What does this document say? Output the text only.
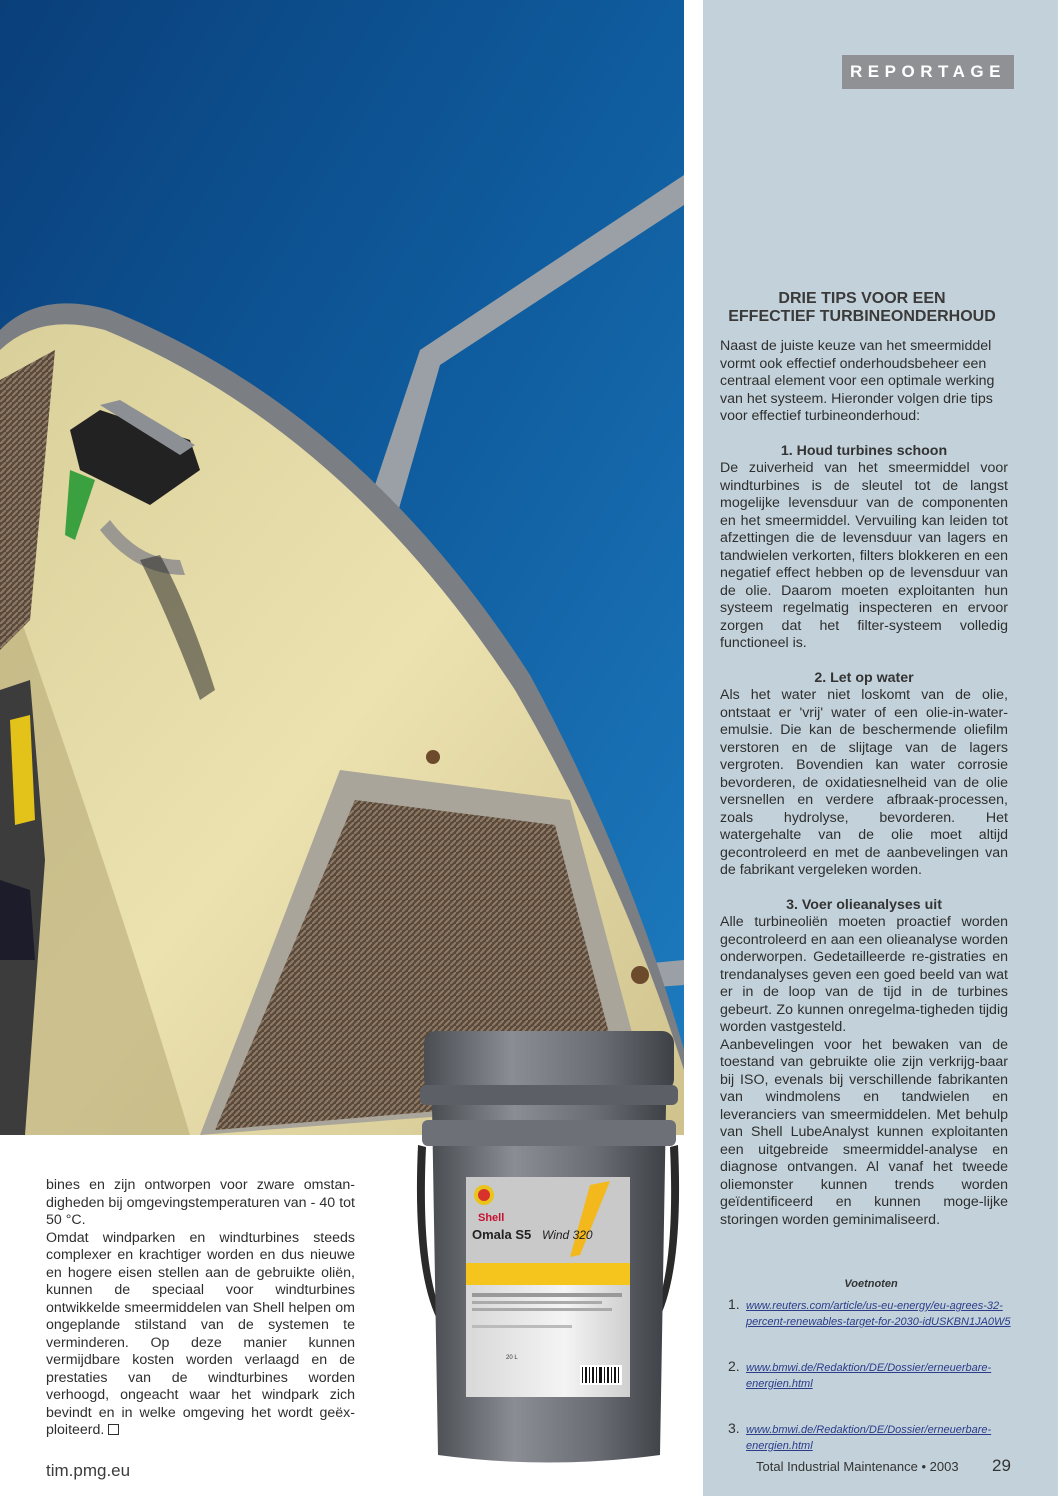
REPORTAGE
DRIE TIPS VOOR EEN
EFFECTIEF TURBINEONDERHOUD

Naast de juiste keuze van het smeermiddel vormt ook effectief onderhoudsbeheer een centraal element voor een optimale werking van het systeem. Hieronder volgen drie tips voor effectief turbineonderhoud:

1. Houd turbines schoon

De zuiverheid van het smeermiddel voor windturbines is de sleutel tot de langst mogelijke levensduur van de componenten en het smeermiddel. Vervuiling kan leiden tot afzettingen die de levensduur van lagers en tandwielen verkorten, filters blokkeren en een negatief effect hebben op de levensduur van de olie. Daarom moeten exploitanten hun systeem regelmatig inspecteren en ervoor zorgen dat het filter-systeem volledig functioneel is.

2. Let op water

Als het water niet loskomt van de olie, ontstaat er 'vrij' water of een olie-in-water-emulsie. Die kan de beschermende oliefilm verstoren en de slijtage van de lagers vergroten. Bovendien kan water corrosie bevorderen, de oxidatiesnelheid van de olie versnellen en verdere afbraak-processen, zoals hydrolyse, bevorderen. Het watergehalte van de olie moet altijd gecontroleerd en met de aanbevelingen van de fabrikant vergeleken worden.

3. Voer olieanalyses uit

Alle turbineoliën moeten proactief worden gecontroleerd en aan een olieanalyse worden onderworpen. Gedetailleerde re-gistraties en trendanalyses geven een goed beeld van wat er in de loop van de tijd in de turbines gebeurt. Zo kunnen onregelma-tigheden tijdig worden vastgesteld.

Aanbevelingen voor het bewaken van de toestand van gebruikte olie zijn verkrijg-baar bij ISO, evenals bij verschillende fabrikanten van windmolens en tandwielen en leveranciers van smeermiddelen. Met behulp van Shell LubeAnalyst kunnen exploitanten een uitgebreide smeermiddel-analyse en diagnose ontvangen. Al vanaf het tweede oliemonster kunnen trends worden geïdentificeerd en kunnen moge-lijke storingen worden geminimaliseerd.

Voetnoten
1. www.reuters.com/article/us-eu-energy/eu-agrees-32-percent-renewables-target-for-2030-idUSKBN1JA0W5
2. www.bmwi.de/Redaktion/DE/Dossier/erneuerbare-energien.html
3. www.bmwi.de/Redaktion/DE/Dossier/erneuerbare-energien.html

bines en zijn ontworpen voor zware omstan-digheden bij omgevingstemperaturen van - 40 tot 50 °C.

Omdat windparken en windturbines steeds complexer en krachtiger worden en dus nieuwe en hogere eisen stellen aan de gebruikte oliën, kunnen de speciaal voor windturbines ontwikkelde smeermiddelen van Shell helpen om ongeplande stilstand van de systemen te verminderen. Op deze manier kunnen vermijdbare kosten worden verlaagd en de prestaties van de windturbines worden verhoogd, ongeacht waar het windpark zich bevindt en in welke omgeving het wordt geëx-ploiteerd.

Shell
Omala S5 Wind 320
20 L
tim.pmg.eu	Total Industrial Maintenance • 2003 29
